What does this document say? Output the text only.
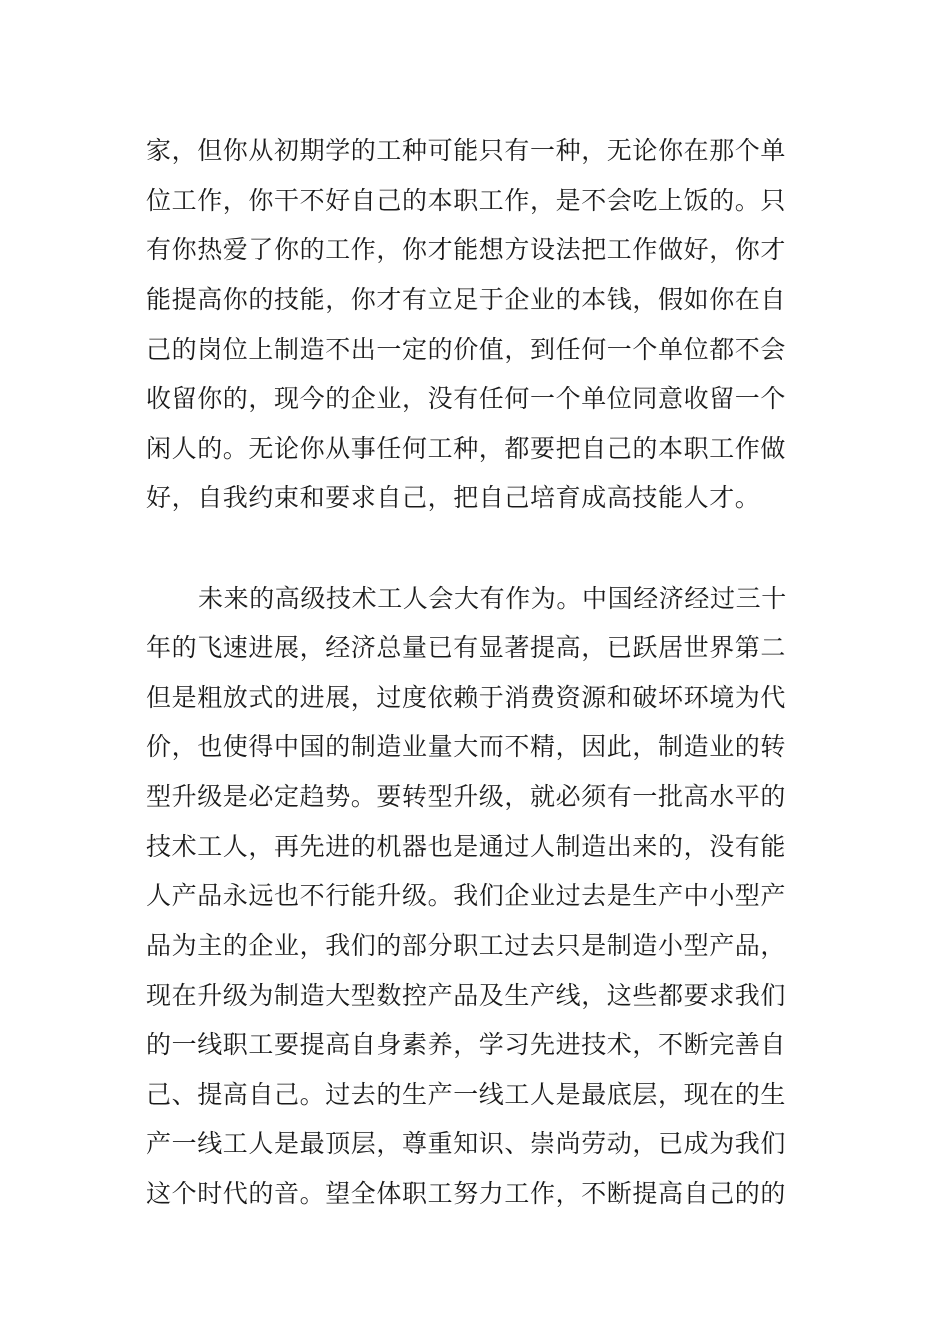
家，但你从初期学的工种可能只有一种，无论你在那个单
位工作，你干不好自己的本职工作，是不会吃上饭的。只
有你热爱了你的工作，你才能想方设法把工作做好，你才
能提高你的技能，你才有立足于企业的本钱，假如你在自
己的岗位上制造不出一定的价值，到任何一个单位都不会
收留你的，现今的企业，没有任何一个单位同意收留一个
闲人的。无论你从事任何工种，都要把自己的本职工作做
好，自我约束和要求自己，把自己培育成高技能人才。
未来的高级技术工人会大有作为。中国经济经过三十
年的飞速进展，经济总量已有显著提高，已跃居世界第二
但是粗放式的进展，过度依赖于消费资源和破坏环境为代
价，也使得中国的制造业量大而不精，因此，制造业的转
型升级是必定趋势。要转型升级，就必须有一批高水平的
技术工人，再先进的机器也是通过人制造出来的，没有能
人产品永远也不行能升级。我们企业过去是生产中小型产
品为主的企业，我们的部分职工过去只是制造小型产品，
现在升级为制造大型数控产品及生产线，这些都要求我们
的一线职工要提高自身素养，学习先进技术，不断完善自
己、提高自己。过去的生产一线工人是最底层，现在的生
产一线工人是最顶层，尊重知识、崇尚劳动，已成为我们
这个时代的音。望全体职工努力工作，不断提高自己的的
